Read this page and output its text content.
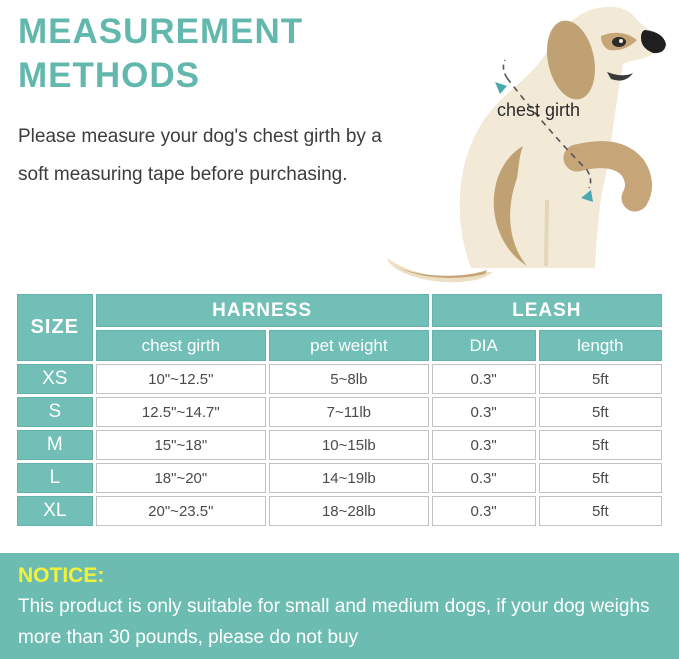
MEASUREMENT
METHODS
Please measure your dog's chest girth by a soft measuring tape before purchasing.
chest girth
SIZE	HARNESS		LEASH	
	chest girth	pet weight	DIA	length
XS	10"~12.5"	5~8lb	0.3"	5ft
S	12.5"~14.7"	7~11lb	0.3"	5ft
M	15"~18"	10~15lb	0.3"	5ft
L	18"~20"	14~19lb	0.3"	5ft
XL	20"~23.5"	18~28lb	0.3"	5ft
NOTICE:
This product is only suitable for small and medium dogs, if your dog weighs more than 30 pounds, please do not buy
